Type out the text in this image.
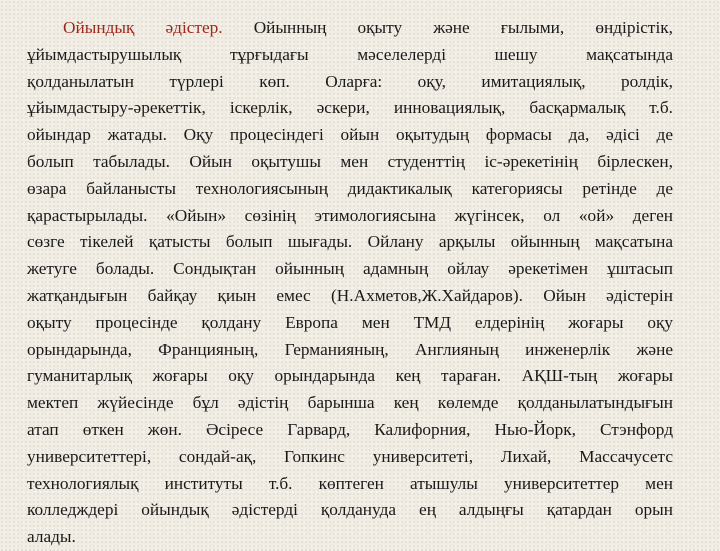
Ойындық әдістер. Ойынның оқыту және ғылыми, өндірістік,
ұйымдастырушылық тұрғыдағы мәселелерді шешу мақсатында
қолданылатын түрлері көп. Оларға: оқу, имитациялық, ролдік,
ұйымдастыру-әрекеттік, іскерлік, әскери, инновациялық, басқармалық т.б.
ойындар жатады. Оқу процесіндегі ойын оқытудың формасы да, әдісі де
болып табылады. Ойын оқытушы мен студенттің іс-әрекетінің бірлескен,
өзара байланысты технологиясының дидактикалық категориясы ретінде де
қарастырылады. «Ойын» сөзінің этимологиясына жүгінсек, ол «ой» деген
сөзге тікелей қатысты болып шығады. Ойлану арқылы ойынның мақсатына
жетуге болады. Сондықтан ойынның адамның ойлау әрекетімен ұштасып
жатқандығын байқау қиын емес (Н.Ахметов,Ж.Хайдаров). Ойын әдістерін
оқыту процесінде қолдану Европа мен ТМД елдерінің жоғары оқу
орындарында, Францияның, Германияның, Англияның инженерлік және
гуманитарлық жоғары оқу орындарында кең тараған. АҚШ-тың жоғары
мектеп жүйесінде бұл әдістің барынша кең көлемде қолданылатындығын
атап өткен жөн. Әсіресе Гарвард, Калифорния, Нью-Йорк, Стэнфорд
университеттері, сондай-ақ, Гопкинс университеті, Лихай, Массачусетс
технологиялық институты т.б. көптеген атышулы университеттер мен
колледждері ойындық әдістерді қолдануда ең алдыңғы қатардан орын
алады.
